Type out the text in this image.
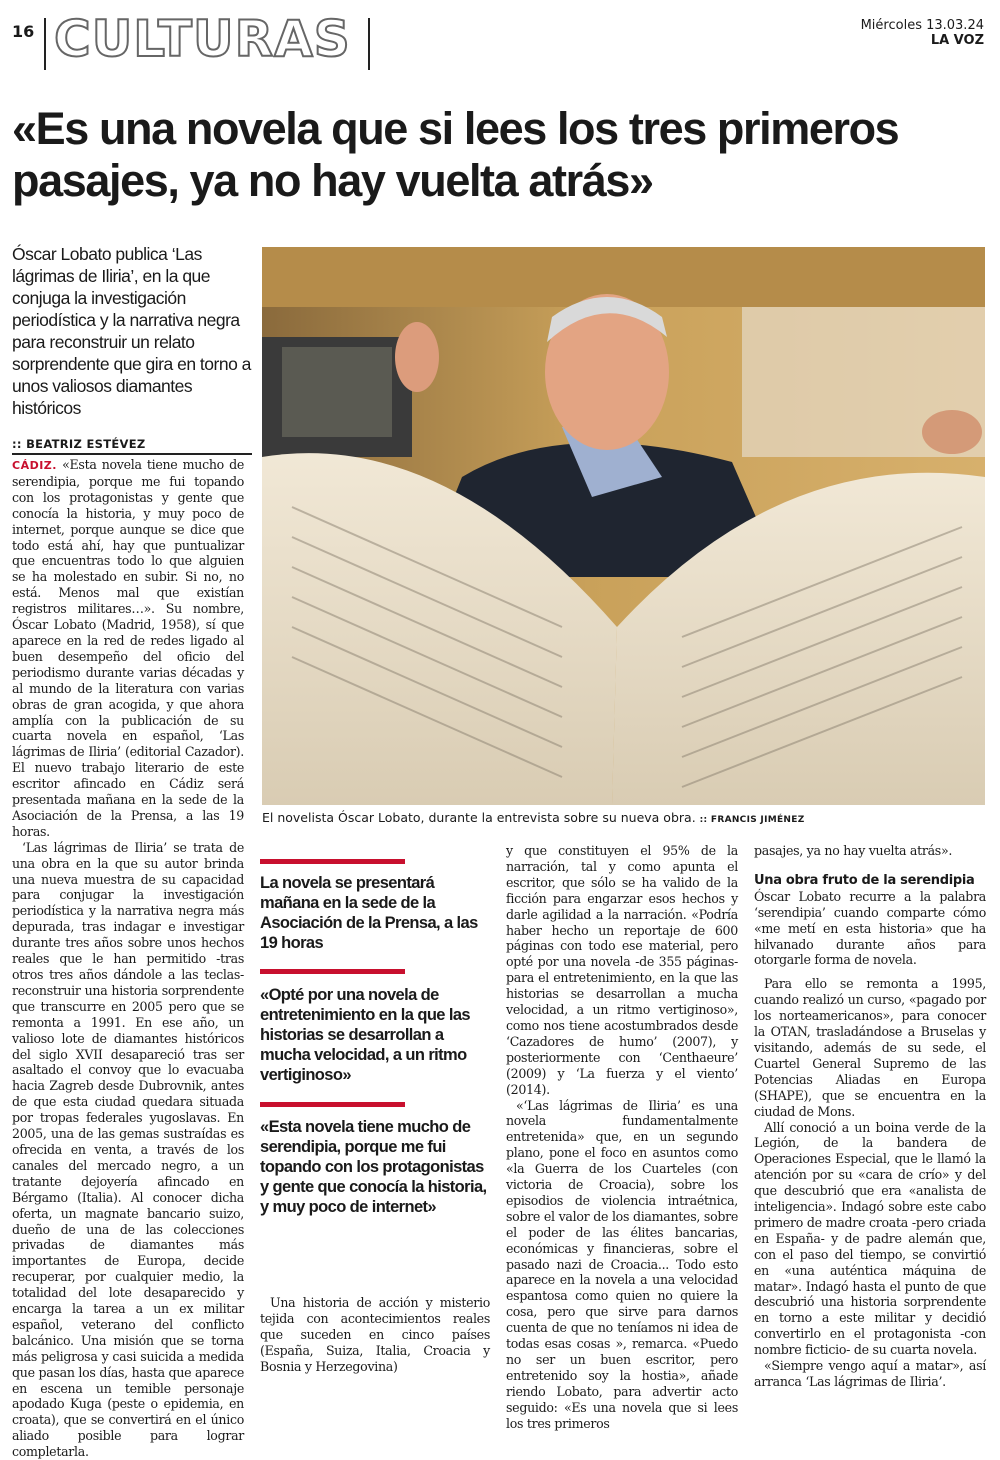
16 CULTURAS	Miércoles 13.03.24
LA VOZ
«Es una novela que si lees los tres primeros pasajes, ya no hay vuelta atrás»
Óscar Lobato publica ‘Las lágrimas de Iliria’, en la que conjuga la investigación periodística y la narrativa negra para reconstruir un relato sorprendente que gira en torno a unos valiosos diamantes históricos
:: BEATRIZ ESTÉVEZ
El novelista Óscar Lobato, durante la entrevista sobre su nueva obra. :: FRANCIS JIMÉNEZ

CÁDIZ. «Esta novela tiene mucho de serendipia, porque me fui topando con los protagonistas y gente que conocía la historia, y muy poco de internet, porque aunque se dice que todo está ahí, hay que puntualizar que encuentras todo lo que alguien se ha molestado en subir. Si no, no está. Menos mal que existían registros militares…». Su nombre, Óscar Lobato (Madrid, 1958), sí que aparece en la red de redes ligado al buen desempeño del oficio del periodismo durante varias décadas y al mundo de la literatura con varias obras de gran acogida, y que ahora amplía con la publicación de su cuarta novela en español, ‘Las lágrimas de Iliria’ (editorial Cazador). El nuevo trabajo literario de este escritor afincado en Cádiz será presentada mañana en la sede de la Asociación de la Prensa, a las 19 horas.

‘Las lágrimas de Iliria’ se trata de una obra en la que su autor brinda una nueva muestra de su capacidad para conjugar la investigación periodística y la narrativa negra más depurada, tras indagar e investigar durante tres años sobre unos hechos reales que le han permitido -tras otros tres años dándole a las teclas- reconstruir una historia sorprendente que transcurre en 2005 pero que se remonta a 1991. En ese año, un valioso lote de diamantes históricos del siglo XVII desapareció tras ser asaltado el convoy que lo evacuaba hacia Zagreb desde Dubrovnik, antes de que esta ciudad quedara situada por tropas federales yugoslavas. En 2005, una de las gemas sustraídas es ofrecida en venta, a través de los canales del mercado negro, a un tratante dejoyería afincado en Bérgamo (Italia). Al conocer dicha oferta, un magnate bancario suizo, dueño de una de las colecciones privadas de diamantes más importantes de Europa, decide recuperar, por cualquier medio, la totalidad del lote desaparecido y encarga la tarea a un ex militar español, veterano del conflicto balcánico. Una misión que se torna más peligrosa y casi suicida a medida que pasan los días, hasta que aparece en escena un temible personaje apodado Kuga (peste o epidemia, en croata), que se convertirá en el único aliado posible para lograr completarla.

La novela se presentará mañana en la sede de la Asociación de la Prensa, a las 19 horas
«Opté por una novela de entretenimiento en la que las historias se desarrollan a mucha velocidad, a un ritmo vertiginoso»
«Esta novela tiene mucho de serendipia, porque me fui topando con los protagonistas y gente que conocía la historia, y muy poco de internet»

Una historia de acción y misterio tejida con acontecimientos reales que suceden en cinco países (España, Suiza, Italia, Croacia y Bosnia y Herzegovina)

y que constituyen el 95% de la narración, tal y como apunta el escritor, que sólo se ha valido de la ficción para engarzar esos hechos y darle agilidad a la narración. «Podría haber hecho un reportaje de 600 páginas con todo ese material, pero opté por una novela -de 355 páginas- para el entretenimiento, en la que las historias se desarrollan a mucha velocidad, a un ritmo vertiginoso», como nos tiene acostumbrados desde ‘Cazadores de humo’ (2007), y posteriormente con ‘Centhaeure’ (2009) y ‘La fuerza y el viento’ (2014).

«‘Las lágrimas de Iliria’ es una novela fundamentalmente entretenida» que, en un segundo plano, pone el foco en asuntos como «la Guerra de los Cuarteles (con victoria de Croacia), sobre los episodios de violencia intraétnica, sobre el valor de los diamantes, sobre el poder de las élites bancarias, económicas y financieras, sobre el pasado nazi de Croacia... Todo esto aparece en la novela a una velocidad espantosa como quien no quiere la cosa, pero que sirve para darnos cuenta de que no teníamos ni idea de todas esas cosas », remarca. «Puedo no ser un buen escritor, pero entretenido soy la hostia», añade riendo Lobato, para advertir acto seguido: «Es una novela que si lees los tres primeros

pasajes, ya no hay vuelta atrás».

Una obra fruto de la serendipia

Óscar Lobato recurre a la palabra ‘serendipia’ cuando comparte cómo «me metí en esta historia» que ha hilvanado durante años para otorgarle forma de novela.

Para ello se remonta a 1995, cuando realizó un curso, «pagado por los norteamericanos», para conocer la OTAN, trasladándose a Bruselas y visitando, además de su sede, el Cuartel General Supremo de las Potencias Aliadas en Europa (SHAPE), que se encuentra en la ciudad de Mons.

Allí conoció a un boina verde de la Legión, de la bandera de Operaciones Especial, que le llamó la atención por su «cara de crío» y del que descubrió que era «analista de inteligencia». Indagó sobre este cabo primero de madre croata -pero criada en España- y de padre alemán que, con el paso del tiempo, se convirtió en «una auténtica máquina de matar». Indagó hasta el punto de que descubrió una historia sorprendente en torno a este militar y decidió convertirlo en el protagonista -con nombre ficticio- de su cuarta novela.

«Siempre vengo aquí a matar», así arranca ‘Las lágrimas de Iliria’.
